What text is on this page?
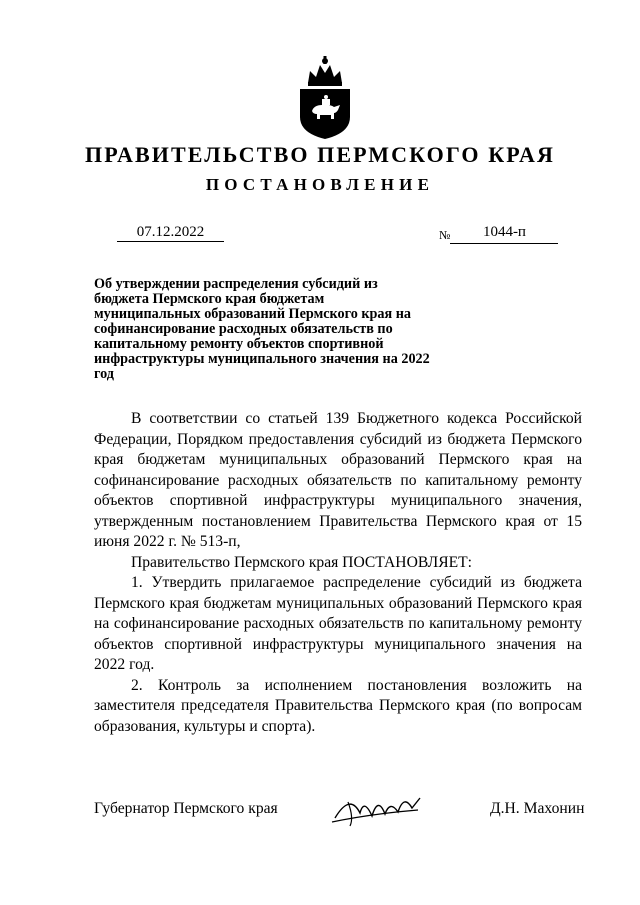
ПРАВИТЕЛЬСТВО ПЕРМСКОГО КРАЯ
ПОСТАНОВЛЕНИЕ
07.12.2022	№	1044-п
Об утверждении распределения субсидий из бюджета Пермского края бюджетам муниципальных образований Пермского края на софинансирование расходных обязательств по капитальному ремонту объектов спортивной инфраструктуры муниципального значения на 2022 год

В соответствии со статьей 139 Бюджетного кодекса Российской Федерации, Порядком предоставления субсидий из бюджета Пермского края бюджетам муниципальных образований Пермского края на софинансирование расходных обязательств по капитальному ремонту объектов спортивной инфраструктуры муниципального значения, утвержденным постановлением Правительства Пермского края от 15 июня 2022 г. № 513-п,

Правительство Пермского края ПОСТАНОВЛЯЕТ:

1. Утвердить прилагаемое распределение субсидий из бюджета Пермского края бюджетам муниципальных образований Пермского края на софинансирование расходных обязательств по капитальному ремонту объектов спортивной инфраструктуры муниципального значения на 2022 год.

2. Контроль за исполнением постановления возложить на заместителя председателя Правительства Пермского края (по вопросам образования, культуры и спорта).

Губернатор Пермского края	Д.Н. Махонин
